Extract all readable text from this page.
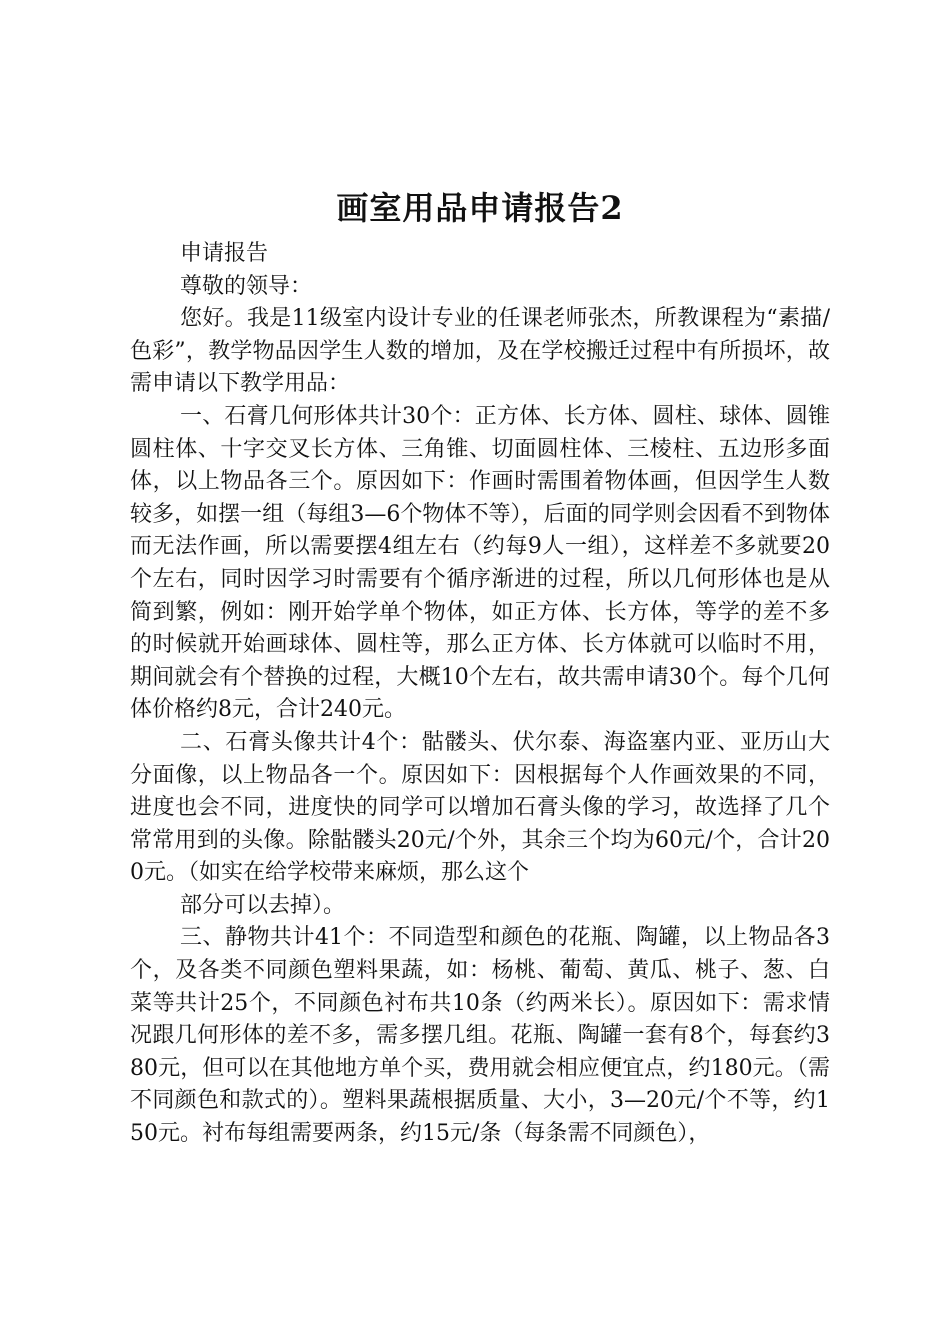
画室用品申请报告2

申请报告

尊敬的领导：

您好。我是11级室内设计专业的任课老师张杰，所教课程为“素描/色彩”，教学物品因学生人数的增加，及在学校搬迁过程中有所损坏，故需申请以下教学用品：

一、石膏几何形体共计30个：正方体、长方体、圆柱、球体、圆锥圆柱体、十字交叉长方体、三角锥、切面圆柱体、三棱柱、五边形多面体，以上物品各三个。原因如下：作画时需围着物体画，但因学生人数较多，如摆一组（每组3—6个物体不等），后面的同学则会因看不到物体而无法作画，所以需要摆4组左右（约每9人一组），这样差不多就要20个左右，同时因学习时需要有个循序渐进的过程，所以几何形体也是从简到繁，例如：刚开始学单个物体，如正方体、长方体，等学的差不多的时候就开始画球体、圆柱等，那么正方体、长方体就可以临时不用，期间就会有个替换的过程，大概10个左右，故共需申请30个。每个几何体价格约8元，合计240元。

二、石膏头像共计4个：骷髅头、伏尔泰、海盗塞内亚、亚历山大分面像，以上物品各一个。原因如下：因根据每个人作画效果的不同，进度也会不同，进度快的同学可以增加石膏头像的学习，故选择了几个常常用到的头像。除骷髅头20元/个外，其余三个均为60元/个，合计200元。（如实在给学校带来麻烦，那么这个

部分可以去掉）。

三、静物共计41个：不同造型和颜色的花瓶、陶罐，以上物品各3个，及各类不同颜色塑料果蔬，如：杨桃、葡萄、黄瓜、桃子、葱、白菜等共计25个，不同颜色衬布共10条（约两米长）。原因如下：需求情况跟几何形体的差不多，需多摆几组。花瓶、陶罐一套有8个，每套约380元，但可以在其他地方单个买，费用就会相应便宜点，约180元。（需不同颜色和款式的）。塑料果蔬根据质量、大小，3—20元/个不等，约150元。衬布每组需要两条，约15元/条（每条需不同颜色），
